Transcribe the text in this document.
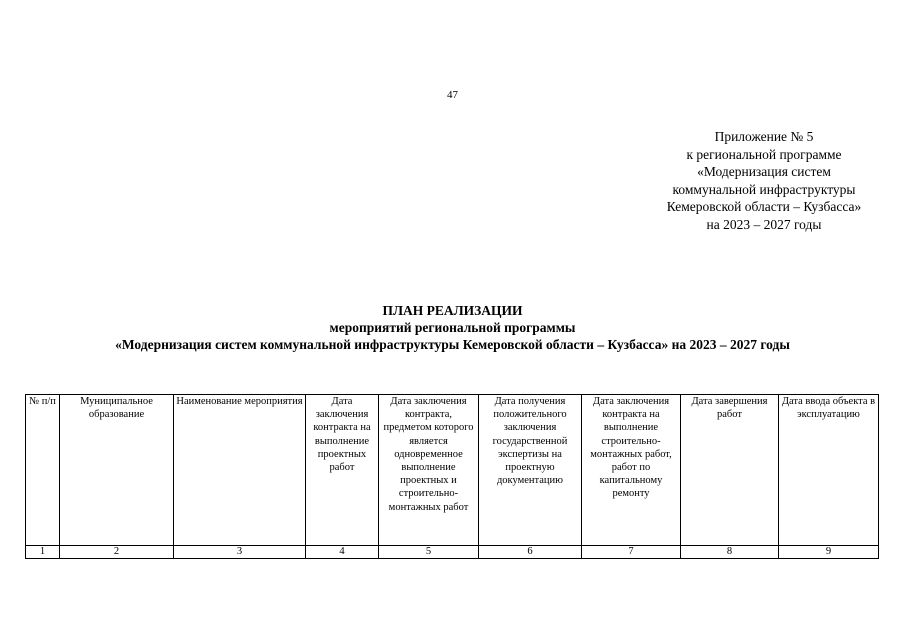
47
Приложение № 5
к региональной программе
«Модернизация систем
коммунальной инфраструктуры
Кемеровской области – Кузбасса»
на 2023 – 2027 годы
ПЛАН РЕАЛИЗАЦИИ
мероприятий региональной программы
«Модернизация систем коммунальной инфраструктуры Кемеровской области – Кузбасса» на 2023 – 2027 годы
№ п/п	Муниципальное образование	Наименование мероприятия	Дата заключения контракта на выполнение проектных работ	Дата заключения контракта, предметом которого является одновременное выполнение проектных и строительно-монтажных работ	Дата получения положительного заключения государственной экспертизы на проектную документацию	Дата заключения контракта на выполнение строительно-монтажных работ, работ по капитальному ремонту	Дата завершения работ	Дата ввода объекта в эксплуатацию
1	2	3	4	5	6	7	8	9
